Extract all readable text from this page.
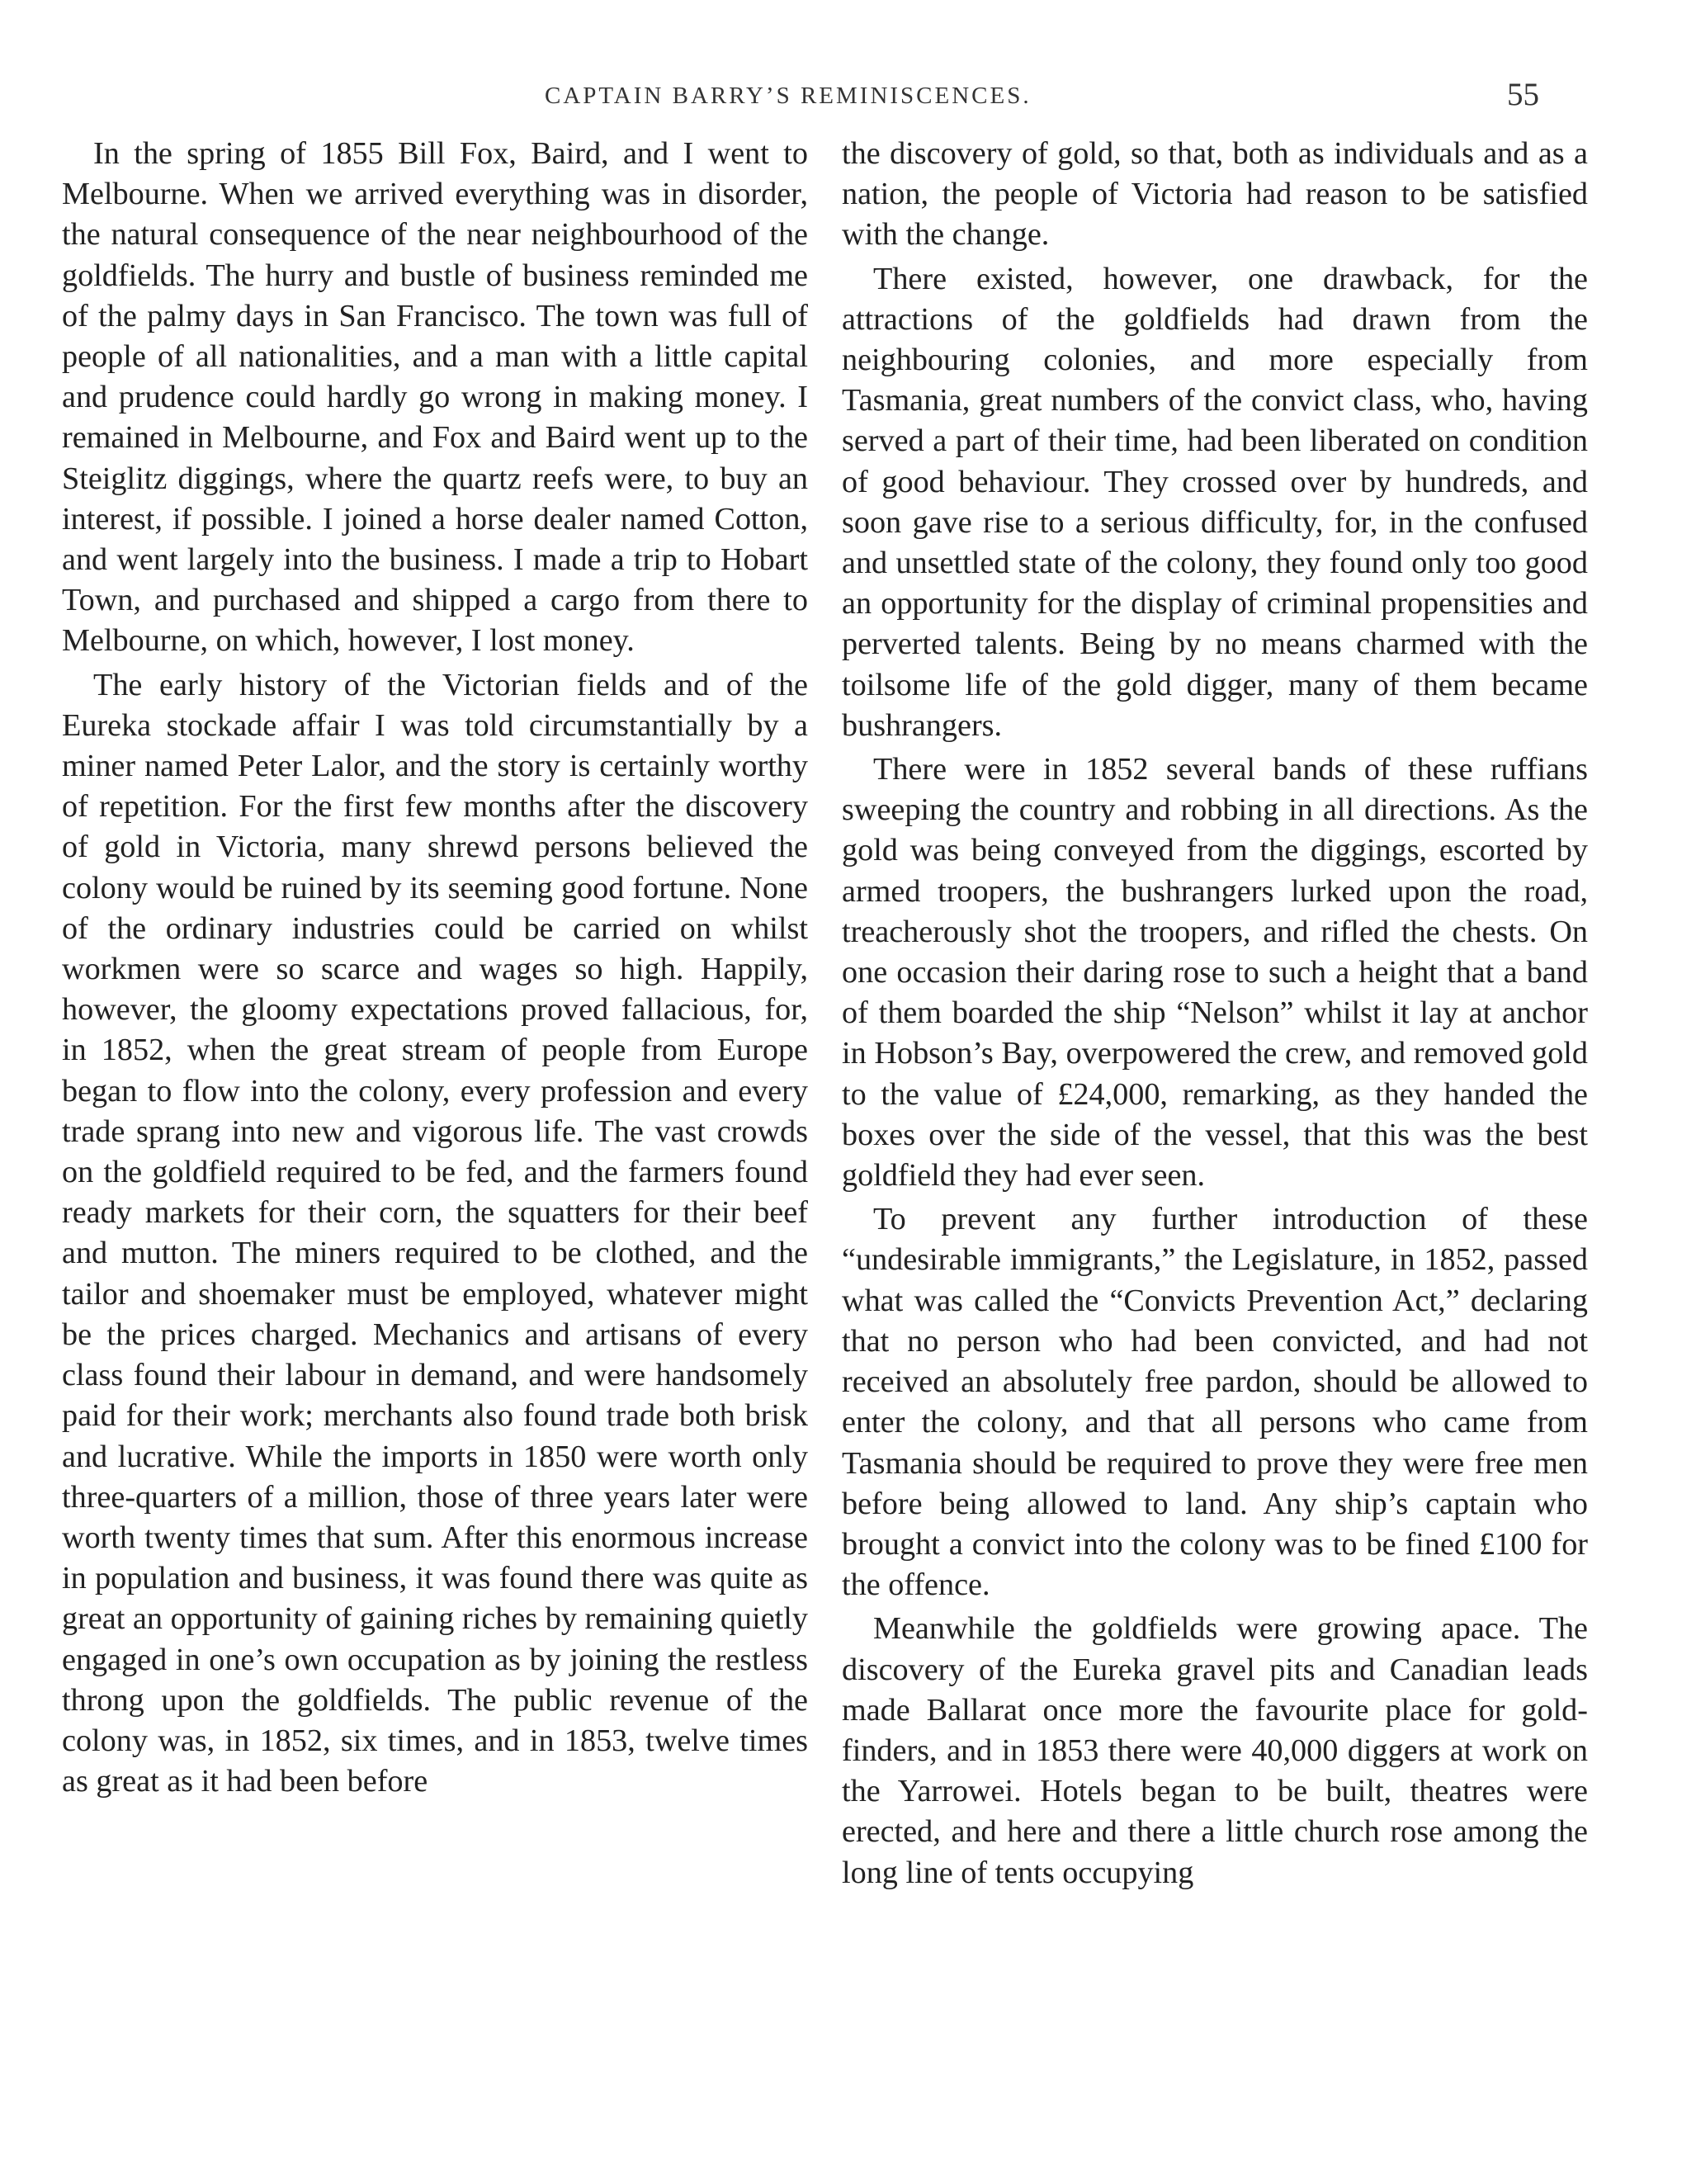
CAPTAIN BARRY’S REMINISCENCES.	55

In the spring of 1855 Bill Fox, Baird, and I went to Melbourne. When we arrived everything was in disorder, the natural consequence of the near neighbourhood of the goldfields. The hurry and bustle of business reminded me of the palmy days in San Francisco. The town was full of people of all nationalities, and a man with a little capital and prudence could hardly go wrong in making money. I remained in Melbourne, and Fox and Baird went up to the Steiglitz diggings, where the quartz reefs were, to buy an interest, if possible. I joined a horse dealer named Cotton, and went largely into the business. I made a trip to Hobart Town, and purchased and shipped a cargo from there to Melbourne, on which, however, I lost money.

The early history of the Victorian fields and of the Eureka stockade affair I was told circumstantially by a miner named Peter Lalor, and the story is certainly worthy of repetition. For the first few months after the discovery of gold in Victoria, many shrewd persons believed the colony would be ruined by its seeming good fortune. None of the ordinary industries could be carried on whilst workmen were so scarce and wages so high. Happily, however, the gloomy expectations proved fallacious, for, in 1852, when the great stream of people from Europe began to flow into the colony, every profession and every trade sprang into new and vigorous life. The vast crowds on the goldfield required to be fed, and the farmers found ready markets for their corn, the squatters for their beef and mutton. The miners required to be clothed, and the tailor and shoemaker must be employed, whatever might be the prices charged. Mechanics and artisans of every class found their labour in demand, and were handsomely paid for their work; merchants also found trade both brisk and lucrative. While the imports in 1850 were worth only three-quarters of a million, those of three years later were worth twenty times that sum. After this enormous increase in population and business, it was found there was quite as great an opportunity of gaining riches by remaining quietly engaged in one’s own occupation as by joining the restless throng upon the goldfields. The public revenue of the colony was, in 1852, six times, and in 1853, twelve times as great as it had been before

the discovery of gold, so that, both as individuals and as a nation, the people of Victoria had reason to be satisfied with the change.

There existed, however, one drawback, for the attractions of the goldfields had drawn from the neighbouring colonies, and more especially from Tasmania, great numbers of the convict class, who, having served a part of their time, had been liberated on condition of good behaviour. They crossed over by hundreds, and soon gave rise to a serious difficulty, for, in the confused and unsettled state of the colony, they found only too good an opportunity for the display of criminal propensities and perverted talents. Being by no means charmed with the toilsome life of the gold digger, many of them became bushrangers.

There were in 1852 several bands of these ruffians sweeping the country and robbing in all directions. As the gold was being conveyed from the diggings, escorted by armed troopers, the bushrangers lurked upon the road, treacherously shot the troopers, and rifled the chests. On one occasion their daring rose to such a height that a band of them boarded the ship “Nelson” whilst it lay at anchor in Hobson’s Bay, overpowered the crew, and removed gold to the value of £24,000, remarking, as they handed the boxes over the side of the vessel, that this was the best goldfield they had ever seen.

To prevent any further introduction of these “undesirable immigrants,” the Legislature, in 1852, passed what was called the “Convicts Prevention Act,” declaring that no person who had been convicted, and had not received an absolutely free pardon, should be allowed to enter the colony, and that all persons who came from Tasmania should be required to prove they were free men before being allowed to land. Any ship’s captain who brought a convict into the colony was to be fined £100 for the offence.

Meanwhile the goldfields were growing apace. The discovery of the Eureka gravel pits and Canadian leads made Ballarat once more the favourite place for gold-finders, and in 1853 there were 40,000 diggers at work on the Yarrowei. Hotels began to be built, theatres were erected, and here and there a little church rose among the long line of tents occupying
